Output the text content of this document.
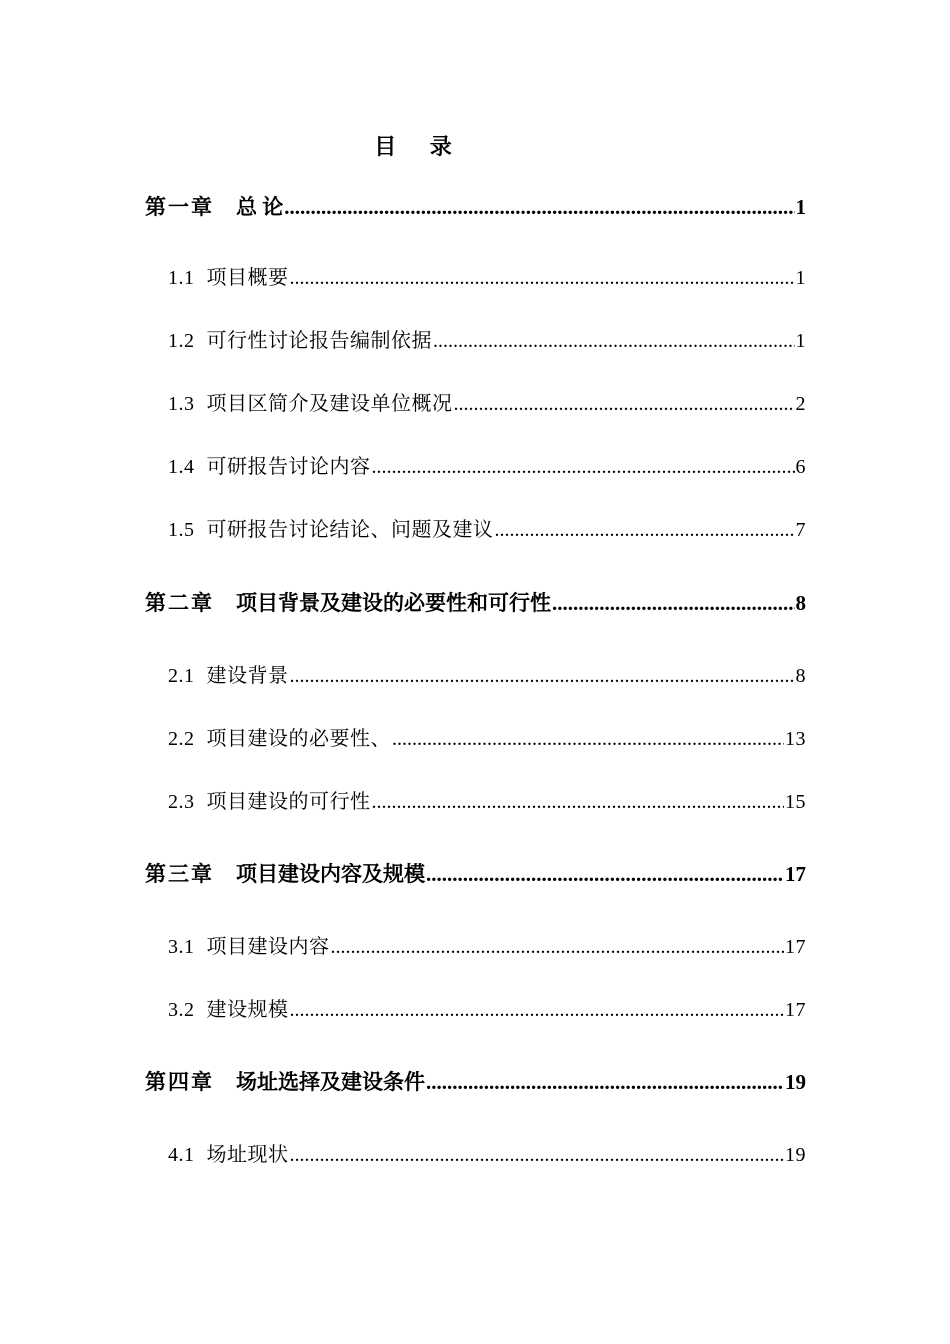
目 录
第一章 总 论 .....	1
1.1 项目概要 .....	1
1.2 可行性讨论报告编制依据 .....	1
1.3 项目区简介及建设单位概况 .....	2
1.4 可研报告讨论内容 .....	6
1.5 可研报告讨论结论、问题及建议 .....	7
第二章 项目背景及建设的必要性和可行性 .....	8
2.1 建设背景 .....	8
2.2 项目建设的必要性、 .....	13
2.3 项目建设的可行性 .....	15
第三章 项目建设内容及规模 .....	17
3.1 项目建设内容 .....	17
3.2 建设规模 .....	17
第四章 场址选择及建设条件 .....	19
4.1 场址现状 .....	19
